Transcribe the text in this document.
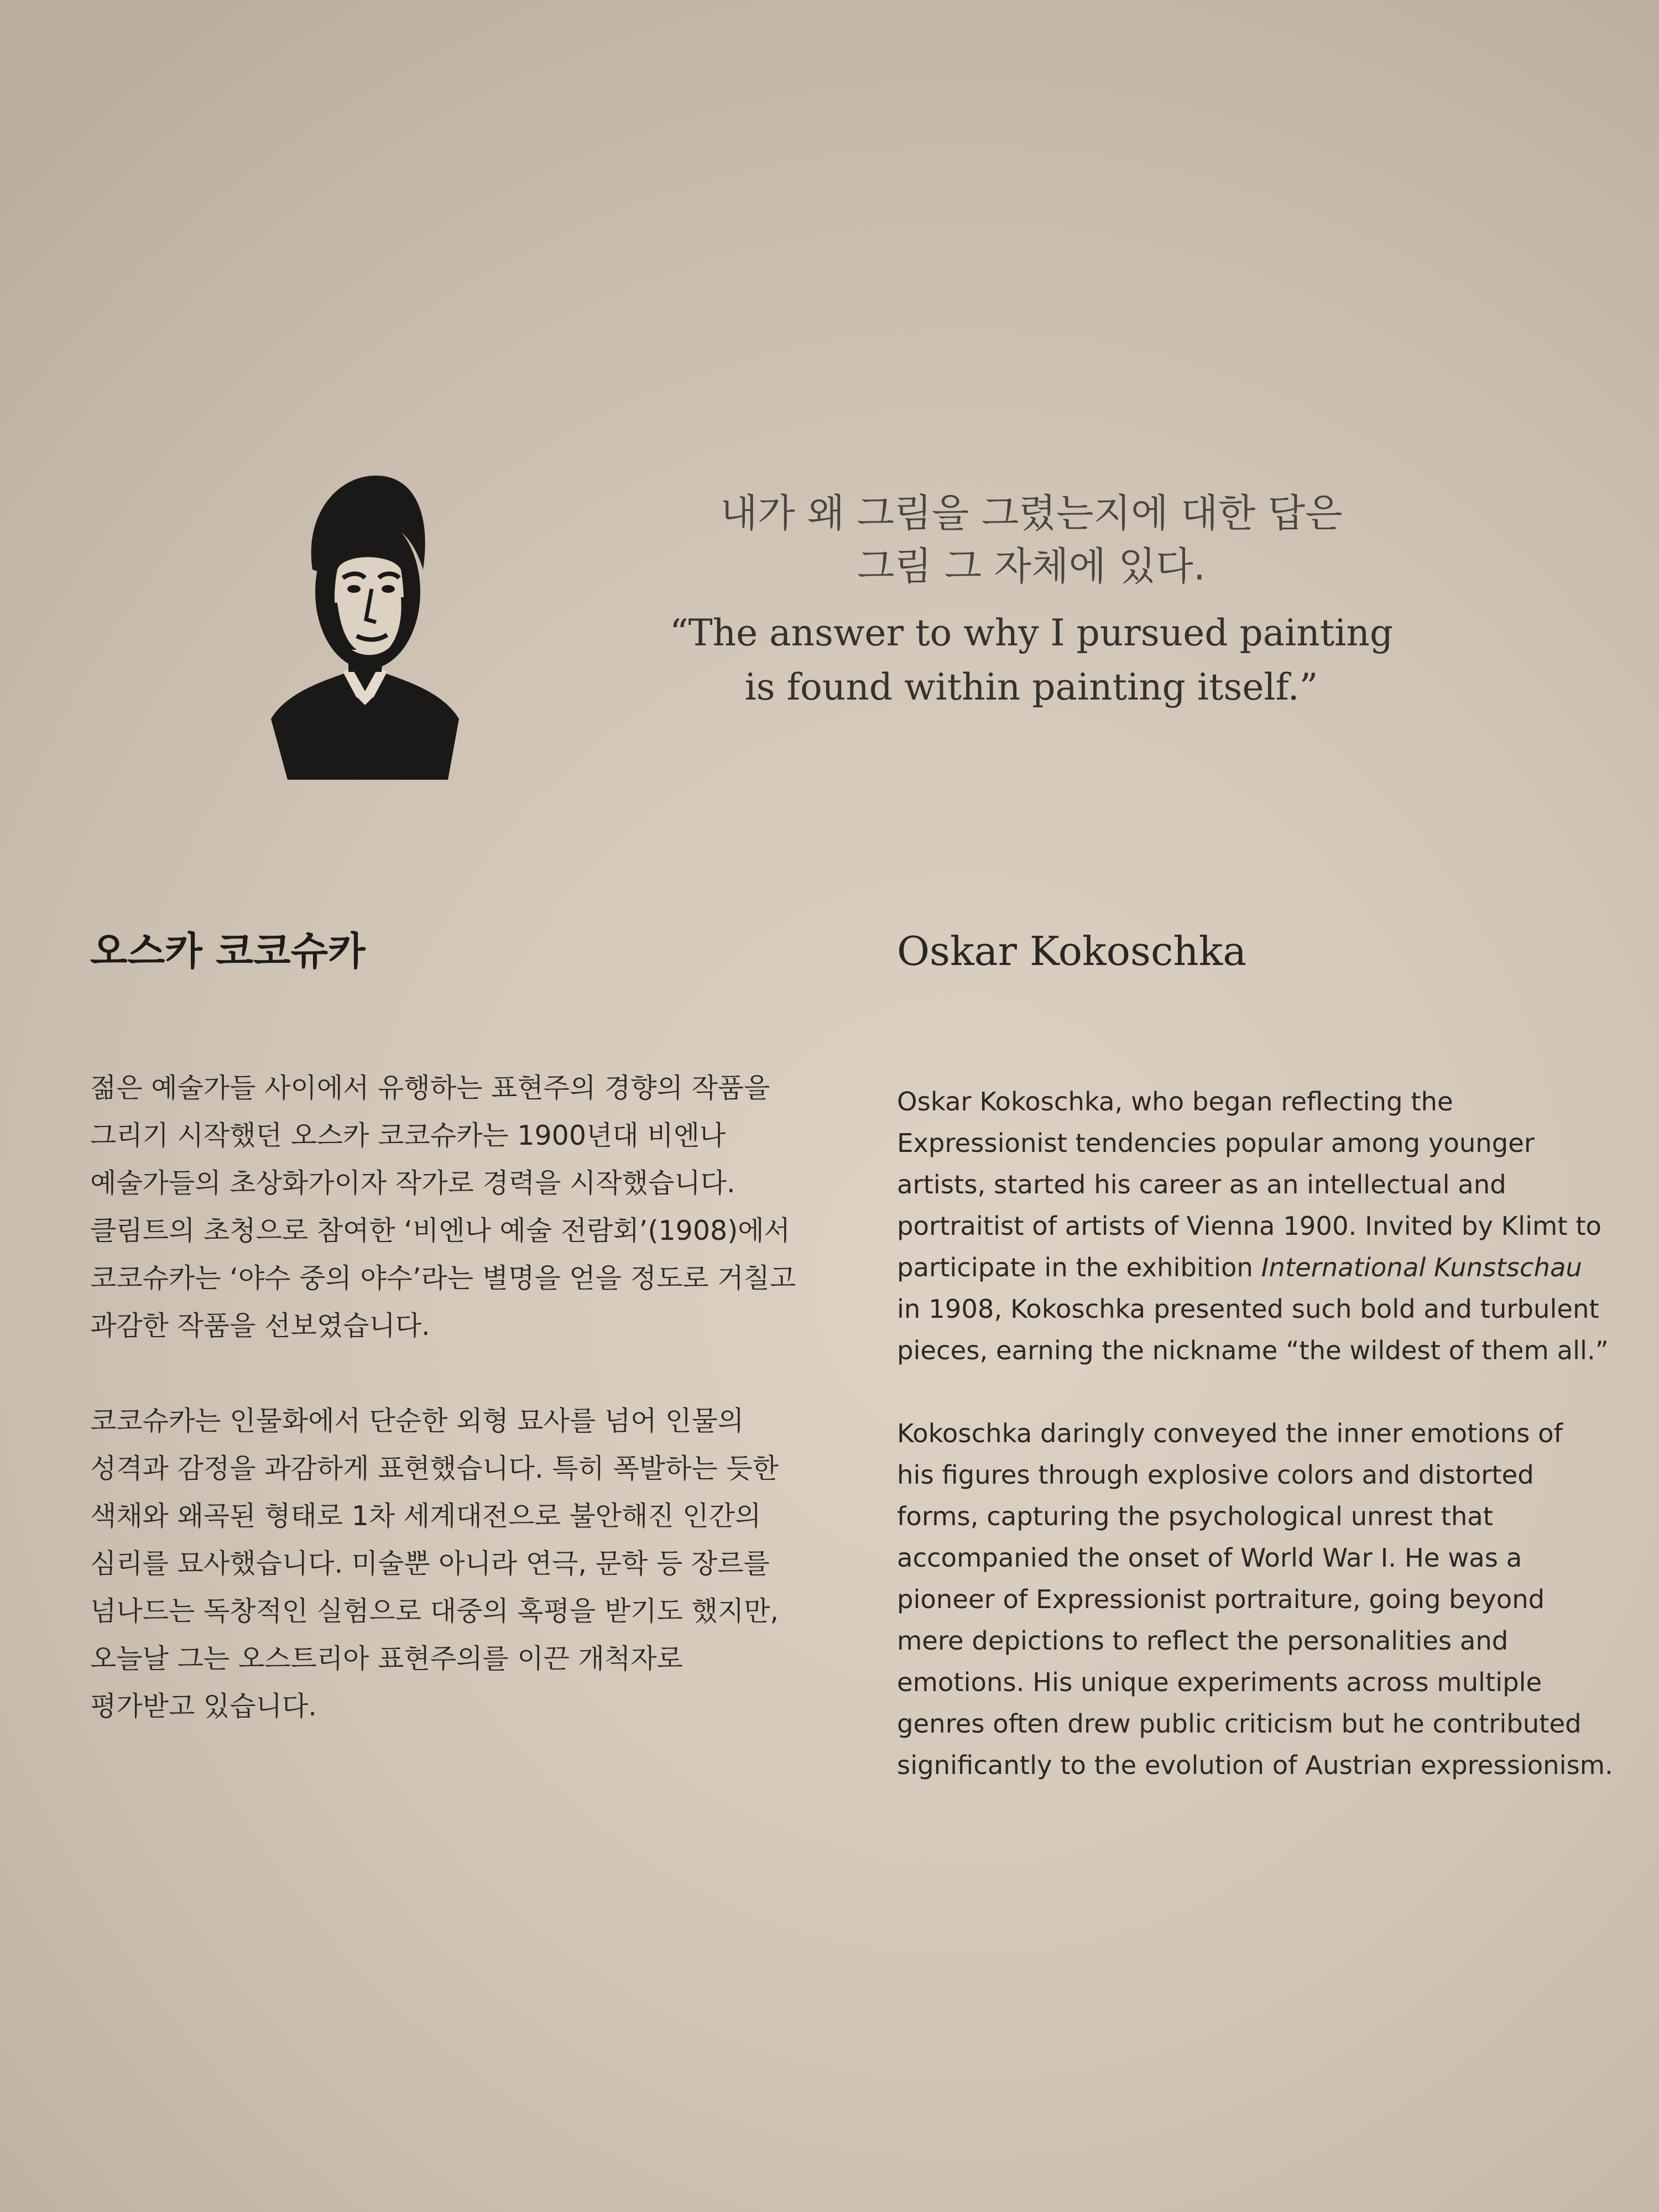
내가 왜 그림을 그렸는지에 대한 답은
그림 그 자체에 있다.
“The answer to why I pursued painting
is found within painting itself.”
오스카 코코슈카

젊은 예술가들 사이에서 유행하는 표현주의 경향의 작품을
그리기 시작했던 오스카 코코슈카는 1900년대 비엔나
예술가들의 초상화가이자 작가로 경력을 시작했습니다.
클림트의 초청으로 참여한 ‘비엔나 예술 전람회’(1908)에서
코코슈카는 ‘야수 중의 야수’라는 별명을 얻을 정도로 거칠고
과감한 작품을 선보였습니다.

코코슈카는 인물화에서 단순한 외형 묘사를 넘어 인물의
성격과 감정을 과감하게 표현했습니다. 특히 폭발하는 듯한
색채와 왜곡된 형태로 1차 세계대전으로 불안해진 인간의
심리를 묘사했습니다. 미술뿐 아니라 연극, 문학 등 장르를
넘나드는 독창적인 실험으로 대중의 혹평을 받기도 했지만,
오늘날 그는 오스트리아 표현주의를 이끈 개척자로
평가받고 있습니다.

Oskar Kokoschka

Oskar Kokoschka, who began reflecting the
Expressionist tendencies popular among younger
artists, started his career as an intellectual and
portraitist of artists of Vienna 1900. Invited by Klimt to
participate in the exhibition International Kunstschau
in 1908, Kokoschka presented such bold and turbulent
pieces, earning the nickname “the wildest of them all.”

Kokoschka daringly conveyed the inner emotions of
his figures through explosive colors and distorted
forms, capturing the psychological unrest that
accompanied the onset of World War I. He was a
pioneer of Expressionist portraiture, going beyond
mere depictions to reflect the personalities and
emotions. His unique experiments across multiple
genres often drew public criticism but he contributed
significantly to the evolution of Austrian expressionism.
